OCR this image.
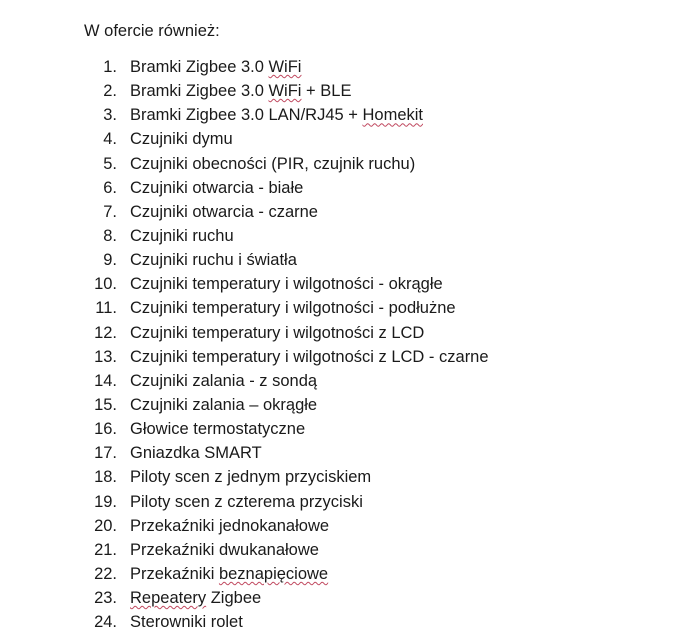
W ofercie również:
1. Bramki Zigbee 3.0 WiFi
2. Bramki Zigbee 3.0 WiFi + BLE
3. Bramki Zigbee 3.0 LAN/RJ45 + Homekit
4. Czujniki dymu
5. Czujniki obecności (PIR, czujnik ruchu)
6. Czujniki otwarcia - białe
7. Czujniki otwarcia - czarne
8. Czujniki ruchu
9. Czujniki ruchu i światła
10. Czujniki temperatury i wilgotności - okrągłe
11. Czujniki temperatury i wilgotności - podłużne
12. Czujniki temperatury i wilgotności z LCD
13. Czujniki temperatury i wilgotności z LCD - czarne
14. Czujniki zalania - z sondą
15. Czujniki zalania – okrągłe
16. Głowice termostatyczne
17. Gniazdka SMART
18. Piloty scen z jednym przyciskiem
19. Piloty scen z czterema przyciski
20. Przekaźniki jednokanałowe
21. Przekaźniki dwukanałowe
22. Przekaźniki beznapięciowe
23. Repeatery Zigbee
24. Sterowniki rolet
